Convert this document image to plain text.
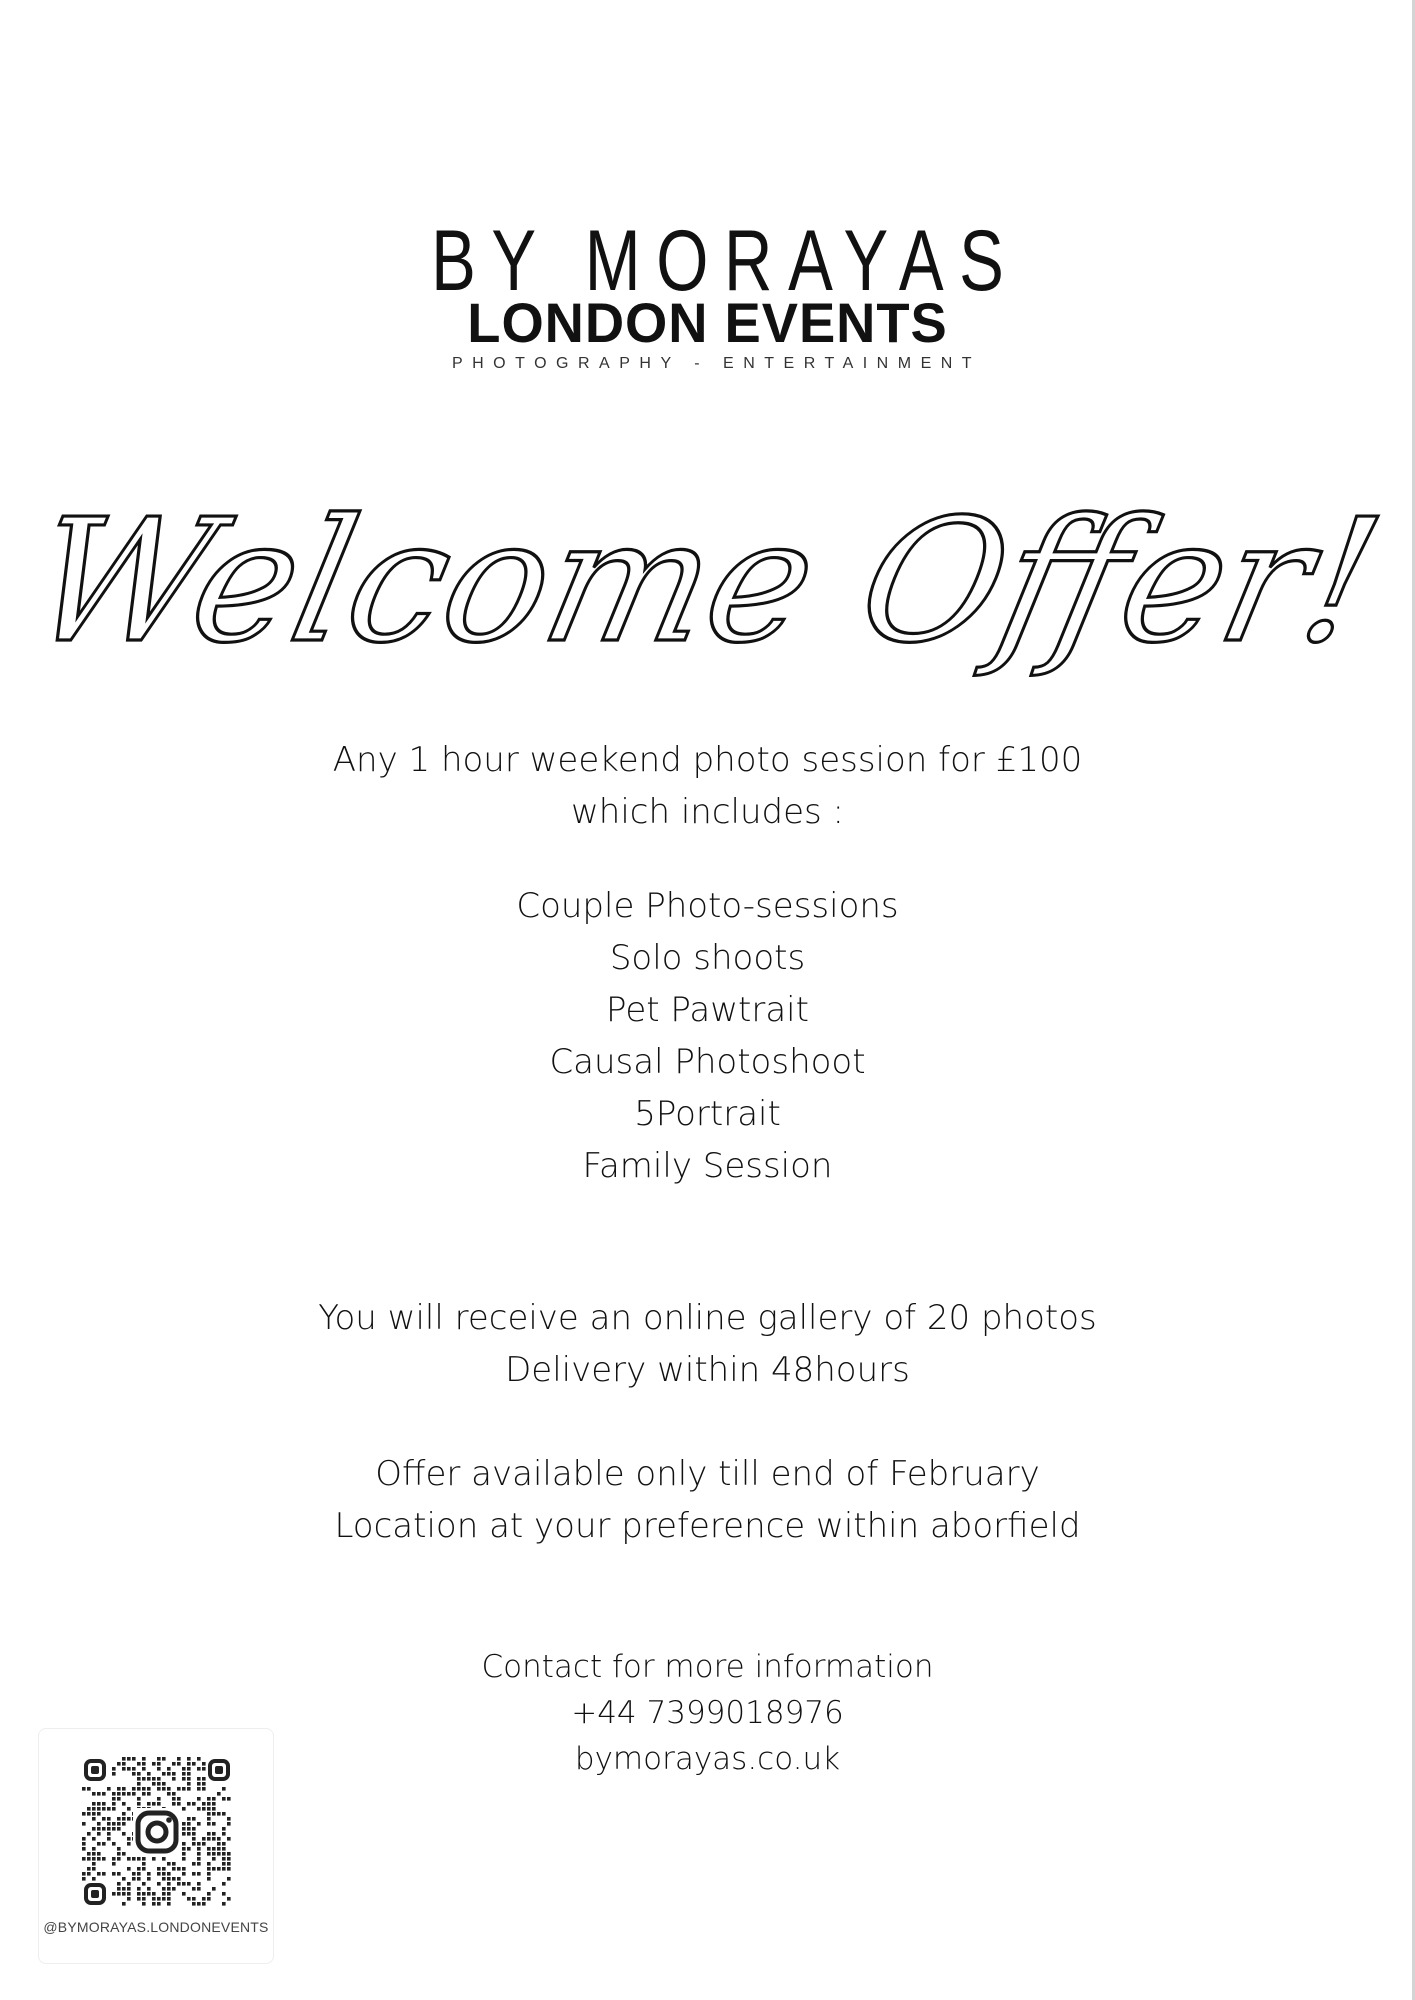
BY MORAYAS
LONDON EVENTS
PHOTOGRAPHY - ENTERTAINMENT
Welcome Offer!
Any 1 hour weekend photo session for £100
which includes :
Couple Photo-sessions
Solo shoots
Pet Pawtrait
Causal Photoshoot
5Portrait
Family Session
You will receive an online gallery of 20 photos
Delivery within 48hours
Offer available only till end of February
Location at your preference within aborfield
Contact for more information
+44 7399018976
bymorayas.co.uk
@BYMORAYAS.LONDONEVENTS
